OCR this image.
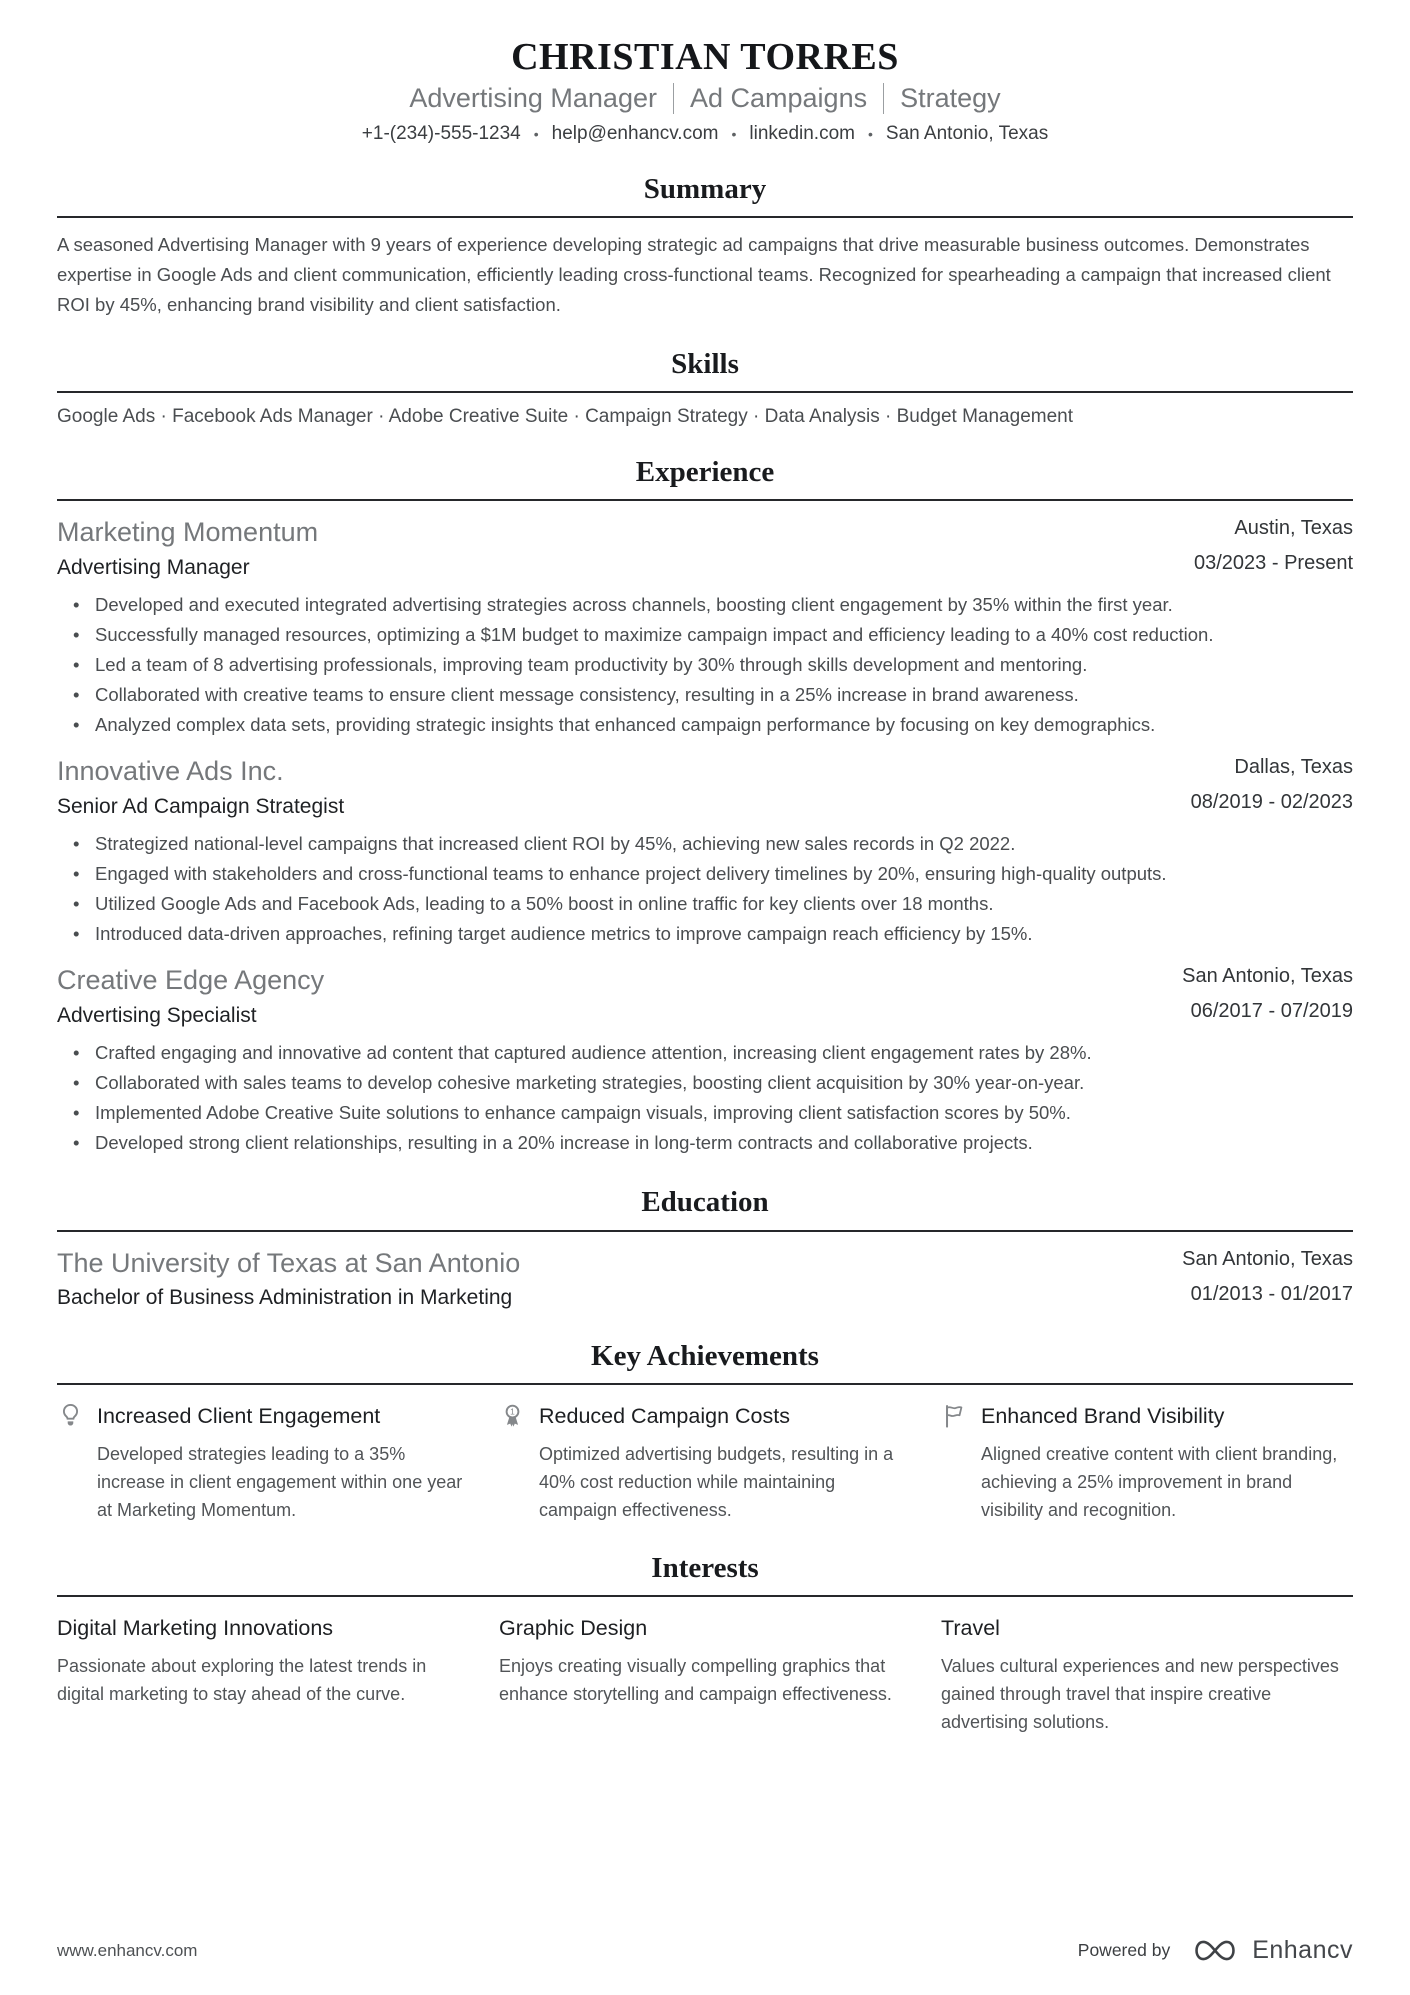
CHRISTIAN TORRES
Advertising Manager Ad Campaigns Strategy
+1-(234)-555-1234 • help@enhancv.com • linkedin.com • San Antonio, Texas
Summary

A seasoned Advertising Manager with 9 years of experience developing strategic ad campaigns that drive measurable business outcomes. Demonstrates expertise in Google Ads and client communication, efficiently leading cross-functional teams. Recognized for spearheading a campaign that increased client ROI by 45%, enhancing brand visibility and client satisfaction.

Skills

Google Ads · Facebook Ads Manager · Adobe Creative Suite · Campaign Strategy · Data Analysis · Budget Management

Experience
Marketing Momentum
Advertising Manager
Austin, Texas
03/2023 - Present
• Developed and executed integrated advertising strategies across channels, boosting client engagement by 35% within the first year.
• Successfully managed resources, optimizing a $1M budget to maximize campaign impact and efficiency leading to a 40% cost reduction.
• Led a team of 8 advertising professionals, improving team productivity by 30% through skills development and mentoring.
• Collaborated with creative teams to ensure client message consistency, resulting in a 25% increase in brand awareness.
• Analyzed complex data sets, providing strategic insights that enhanced campaign performance by focusing on key demographics.
Innovative Ads Inc.
Senior Ad Campaign Strategist
Dallas, Texas
08/2019 - 02/2023
• Strategized national-level campaigns that increased client ROI by 45%, achieving new sales records in Q2 2022.
• Engaged with stakeholders and cross-functional teams to enhance project delivery timelines by 20%, ensuring high-quality outputs.
• Utilized Google Ads and Facebook Ads, leading to a 50% boost in online traffic for key clients over 18 months.
• Introduced data-driven approaches, refining target audience metrics to improve campaign reach efficiency by 15%.
Creative Edge Agency
Advertising Specialist
San Antonio, Texas
06/2017 - 07/2019
• Crafted engaging and innovative ad content that captured audience attention, increasing client engagement rates by 28%.
• Collaborated with sales teams to develop cohesive marketing strategies, boosting client acquisition by 30% year-on-year.
• Implemented Adobe Creative Suite solutions to enhance campaign visuals, improving client satisfaction scores by 50%.
• Developed strong client relationships, resulting in a 20% increase in long-term contracts and collaborative projects.
Education
The University of Texas at San Antonio
Bachelor of Business Administration in Marketing
San Antonio, Texas
01/2013 - 01/2017
Key Achievements
Increased Client Engagement

Developed strategies leading to a 35% increase in client engagement within one year at Marketing Momentum.

1 Reduced Campaign Costs

Optimized advertising budgets, resulting in a 40% cost reduction while maintaining campaign effectiveness.

Enhanced Brand Visibility

Aligned creative content with client branding, achieving a 25% improvement in brand visibility and recognition.

Interests
Digital Marketing Innovations

Passionate about exploring the latest trends in digital marketing to stay ahead of the curve.

Graphic Design

Enjoys creating visually compelling graphics that enhance storytelling and campaign effectiveness.

Travel

Values cultural experiences and new perspectives gained through travel that inspire creative advertising solutions.

www.enhancv.com	Powered by	Enhancv
